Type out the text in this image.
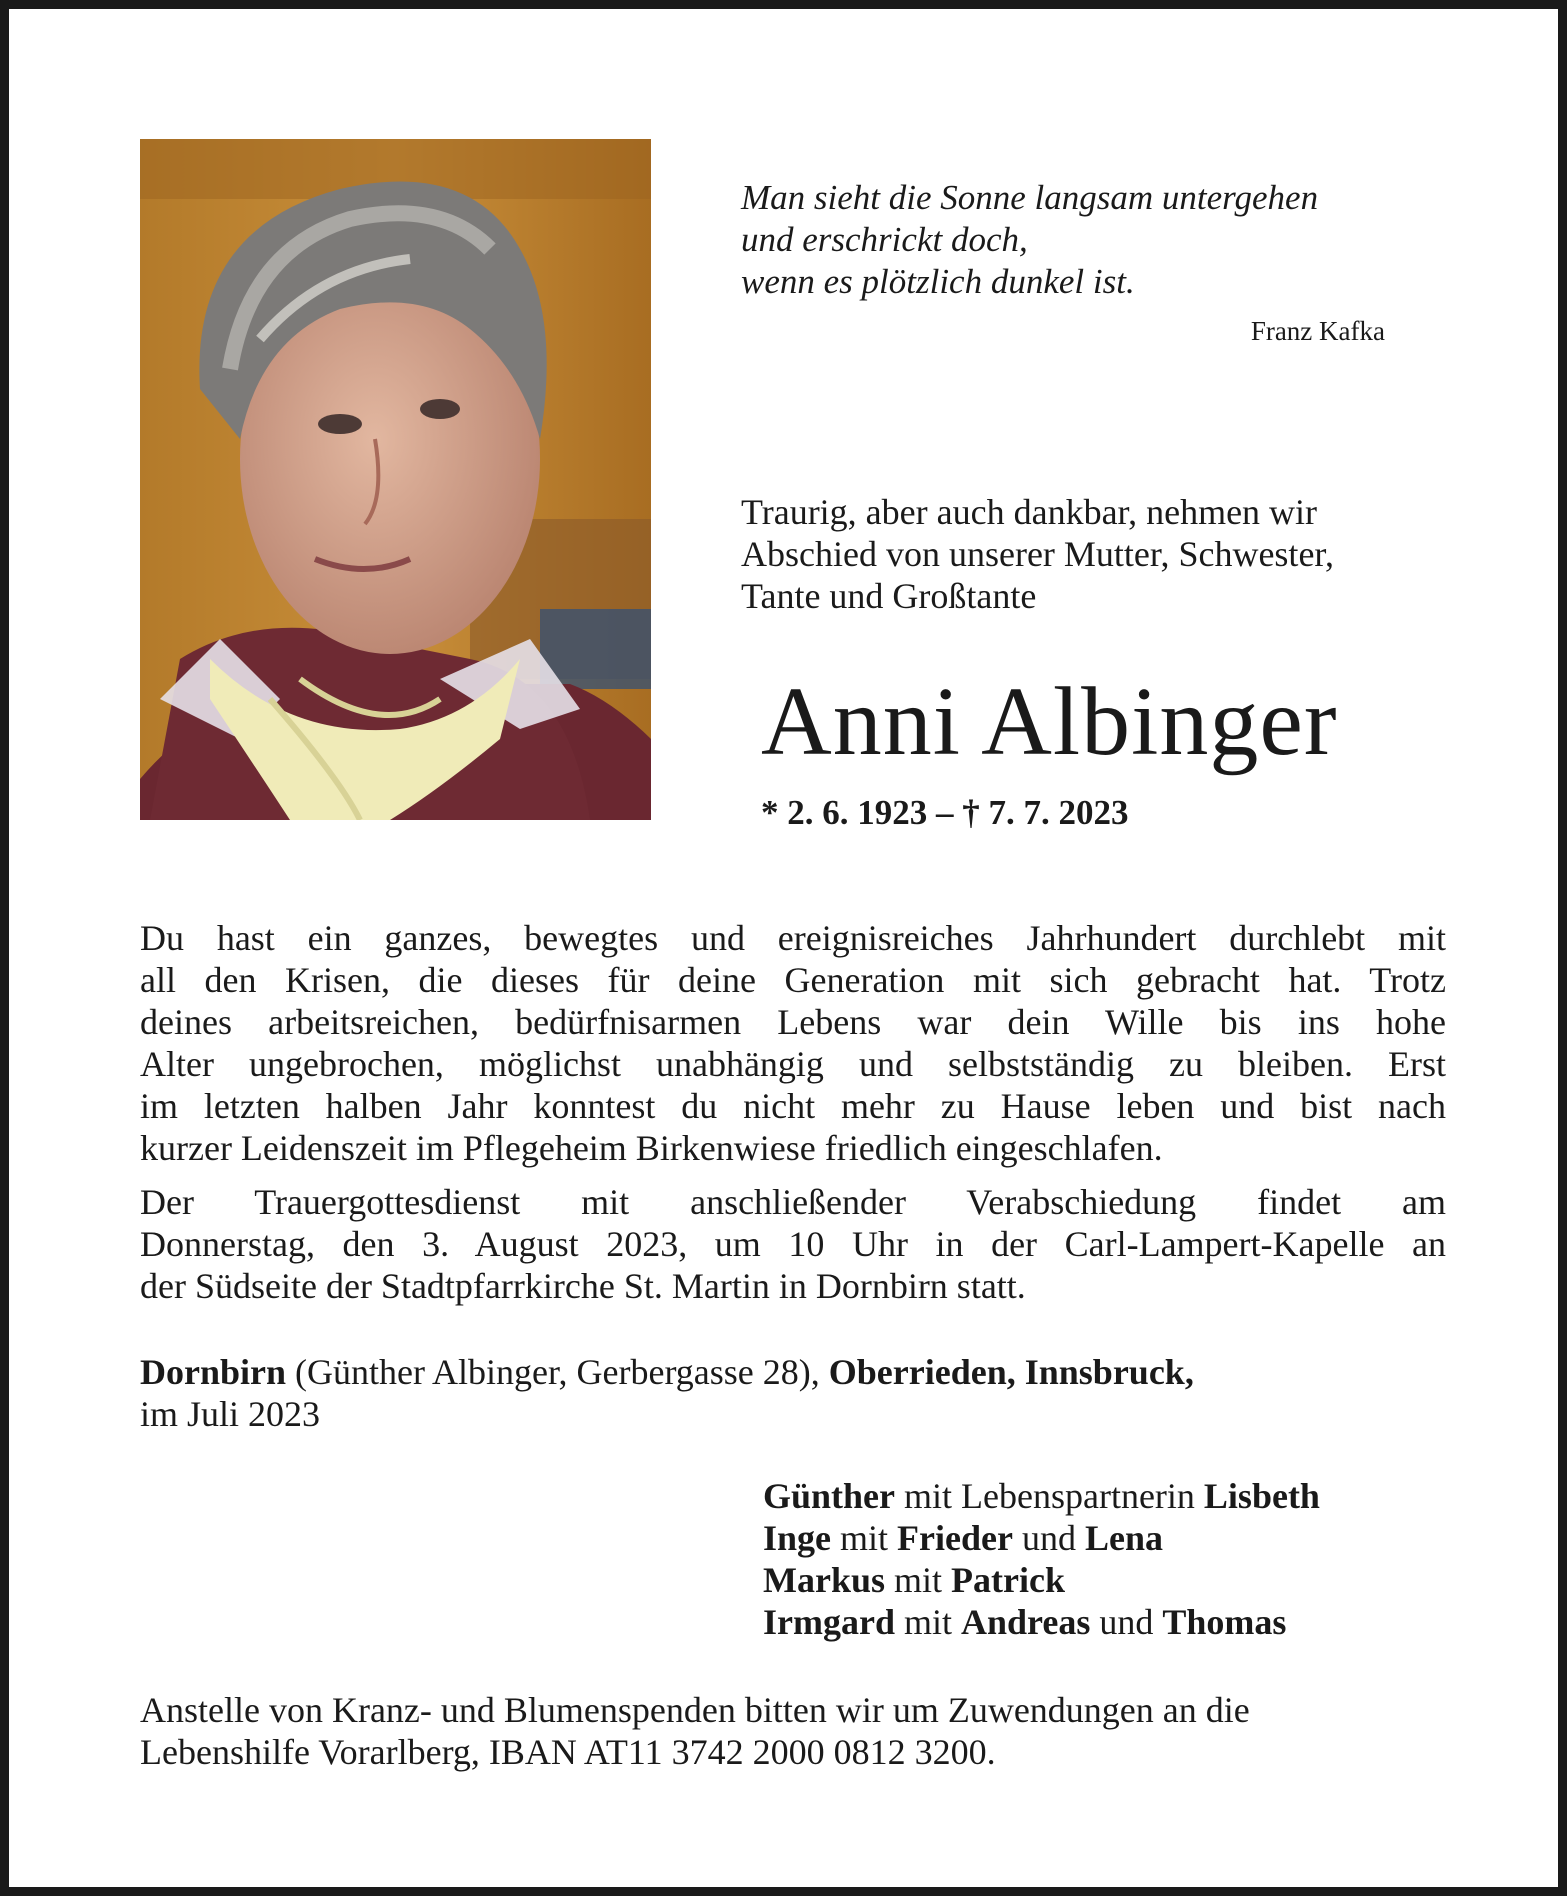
Man sieht die Sonne langsam untergehen
und erschrickt doch,
wenn es plötzlich dunkel ist.
Franz Kafka
Traurig, aber auch dankbar, nehmen wir
Abschied von unserer Mutter, Schwester,
Tante und Großtante
Anni Albinger
* 2. 6. 1923 – † 7. 7. 2023
Du hast ein ganzes, bewegtes und ereignisreiches Jahrhundert durchlebt mit
all den Krisen, die dieses für deine Generation mit sich gebracht hat. Trotz
deines arbeitsreichen, bedürfnisarmen Lebens war dein Wille bis ins hohe
Alter ungebrochen, möglichst unabhängig und selbstständig zu bleiben. Erst
im letzten halben Jahr konntest du nicht mehr zu Hause leben und bist nach
kurzer Leidenszeit im Pflegeheim Birkenwiese friedlich eingeschlafen.
Der Trauergottesdienst mit anschließender Verabschiedung findet am
Donnerstag, den 3. August 2023, um 10 Uhr in der Carl-Lampert-Kapelle an
der Südseite der Stadtpfarrkirche St. Martin in Dornbirn statt.
Dornbirn (Günther Albinger, Gerbergasse 28), Oberrieden, Innsbruck,
im Juli 2023
Günther mit Lebenspartnerin Lisbeth
Inge mit Frieder und Lena
Markus mit Patrick
Irmgard mit Andreas und Thomas
Anstelle von Kranz- und Blumenspenden bitten wir um Zuwendungen an die
Lebenshilfe Vorarlberg, IBAN AT11 3742 2000 0812 3200.
